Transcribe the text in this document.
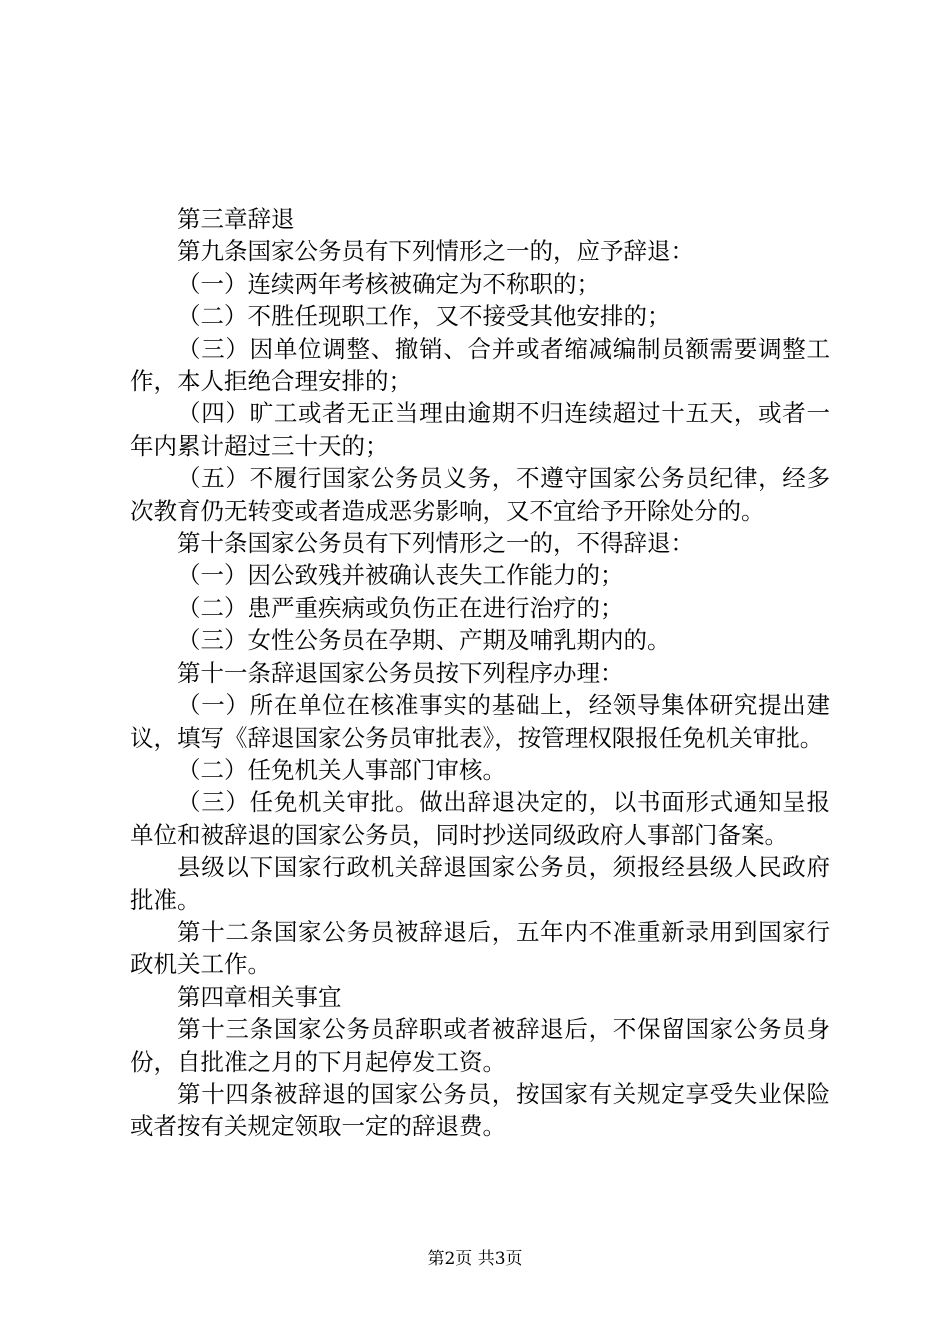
第三章辞退

第九条国家公务员有下列情形之一的，应予辞退：

（一）连续两年考核被确定为不称职的；

（二）不胜任现职工作，又不接受其他安排的；

（三）因单位调整、撤销、合并或者缩减编制员额需要调整工作，本人拒绝合理安排的；

（四）旷工或者无正当理由逾期不归连续超过十五天，或者一年内累计超过三十天的；

（五）不履行国家公务员义务，不遵守国家公务员纪律，经多次教育仍无转变或者造成恶劣影响，又不宜给予开除处分的。

第十条国家公务员有下列情形之一的，不得辞退：

（一）因公致残并被确认丧失工作能力的；

（二）患严重疾病或负伤正在进行治疗的；

（三）女性公务员在孕期、产期及哺乳期内的。

第十一条辞退国家公务员按下列程序办理：

（一）所在单位在核准事实的基础上，经领导集体研究提出建议，填写《辞退国家公务员审批表》，按管理权限报任免机关审批。

（二）任免机关人事部门审核。

（三）任免机关审批。做出辞退决定的，以书面形式通知呈报单位和被辞退的国家公务员，同时抄送同级政府人事部门备案。

县级以下国家行政机关辞退国家公务员，须报经县级人民政府批准。

第十二条国家公务员被辞退后，五年内不准重新录用到国家行政机关工作。

第四章相关事宜

第十三条国家公务员辞职或者被辞退后，不保留国家公务员身份，自批准之月的下月起停发工资。

第十四条被辞退的国家公务员，按国家有关规定享受失业保险或者按有关规定领取一定的辞退费。

第2页 共3页
